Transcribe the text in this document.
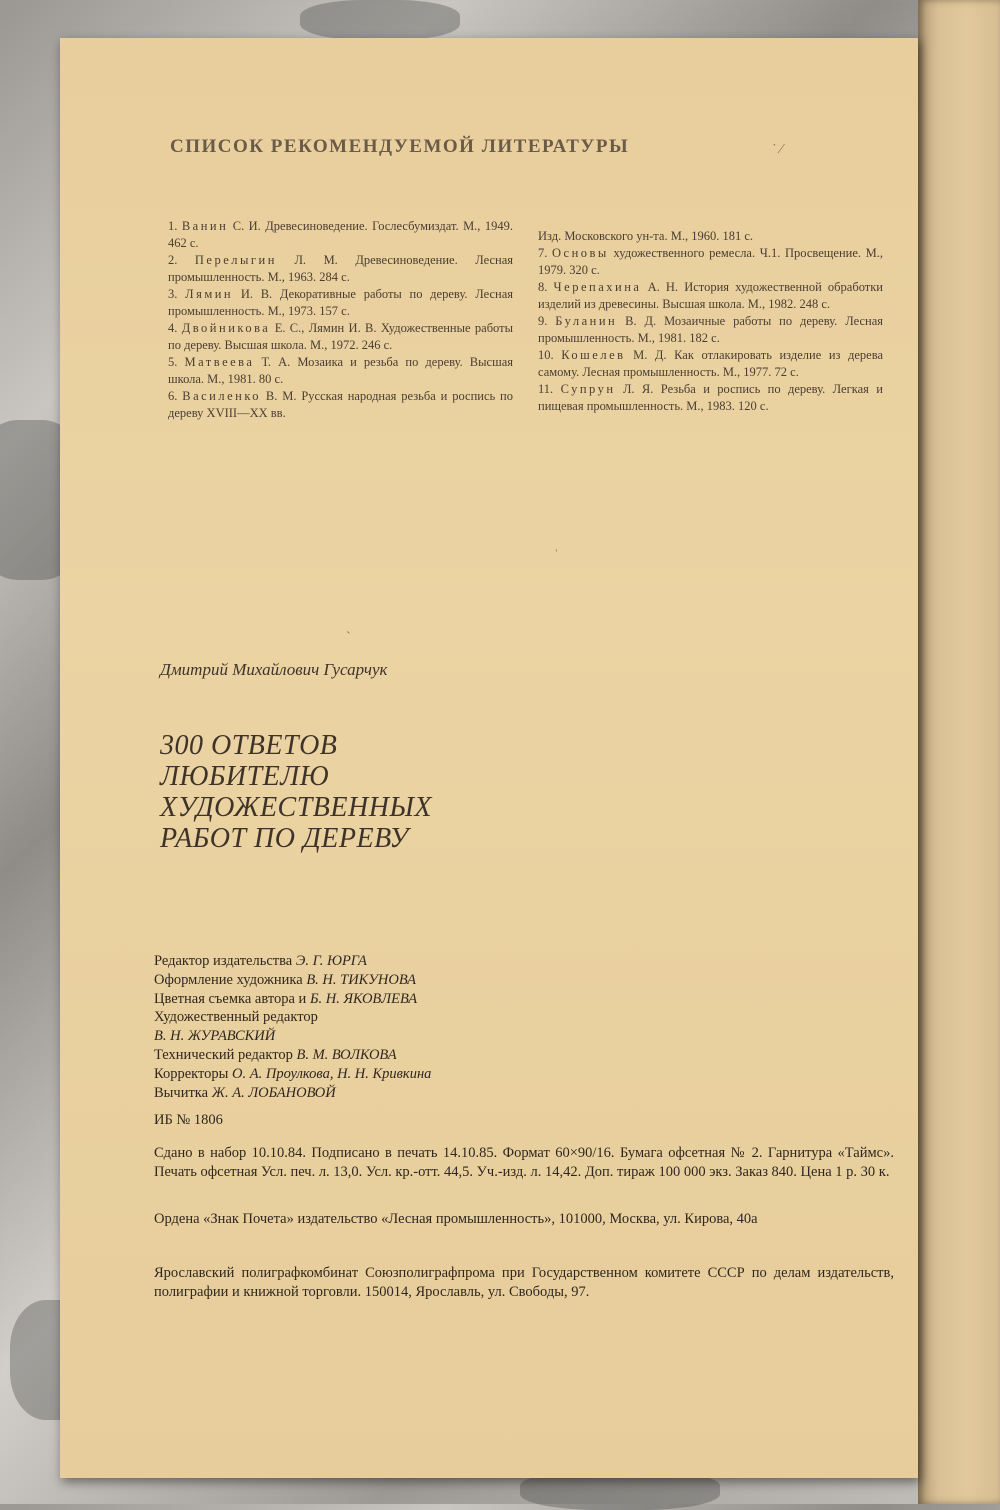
СПИСОК РЕКОМЕНДУЕМОЙ ЛИТЕРАТУРЫ	˙ ⁄

1. Ванин С. И. Древесиноведение. Гослесбумиздат. М., 1949. 462 с.

2. Перелыгин Л. М. Древесиноведение. Лесная промышленность. М., 1963. 284 с.

3. Лямин И. В. Декоративные работы по дереву. Лесная промышленность. М., 1973. 157 с.

4. Двойникова Е. С., Лямин И. В. Художественные работы по дереву. Высшая школа. М., 1972. 246 с.

5. Матвеева Т. А. Мозаика и резьба по дереву. Высшая школа. М., 1981. 80 с.

6. Василенко В. М. Русская народная резьба и роспись по дереву XVIII—XX вв.

Изд. Московского ун-та. М., 1960. 181 с.

7. Основы художественного ремесла. Ч.1. Просвещение. М., 1979. 320 с.

8. Черепахина А. Н. История художественной обработки изделий из древесины. Высшая школа. М., 1982. 248 с.

9. Буланин В. Д. Мозаичные работы по дереву. Лесная промышленность. М., 1981. 182 с.

10. Кошелев М. Д. Как отлакировать изделие из дерева самому. Лесная промышленность. М., 1977. 72 с.

11. Супрун Л. Я. Резьба и роспись по дереву. Легкая и пищевая промышленность. М., 1983. 120 с.

ˈ
ˋ
Дмитрий Михайлович Гусарчук
300 ОТВЕТОВ
ЛЮБИТЕЛЮ
ХУДОЖЕСТВЕННЫХ
РАБОТ ПО ДЕРЕВУ
Редактор издательства Э. Г. ЮРГА
Оформление художника В. Н. ТИКУНОВА
Цветная съемка автора и Б. Н. ЯКОВЛЕВА
Художественный редактор
В. Н. ЖУРАВСКИЙ
Технический редактор В. М. ВОЛКОВА
Корректоры О. А. Проулкова, Н. Н. Кривкина
Вычитка Ж. А. ЛОБАНОВОЙ
ИБ № 1806
Сдано в набор 10.10.84. Подписано в печать 14.10.85. Формат 60×90/16. Бумага офсетная № 2. Гарнитура «Таймс». Печать офсетная Усл. печ. л. 13,0. Усл. кр.-отт. 44,5. Уч.-изд. л. 14,42. Доп. тираж 100 000 экз. Заказ 840. Цена 1 р. 30 к.
Ордена «Знак Почета» издательство «Лесная промышленность», 101000, Москва, ул. Кирова, 40а
Ярославский полиграфкомбинат Союзполиграфпрома при Государственном комитете СССР по делам издательств, полиграфии и книжной торговли. 150014, Ярославль, ул. Свободы, 97.
